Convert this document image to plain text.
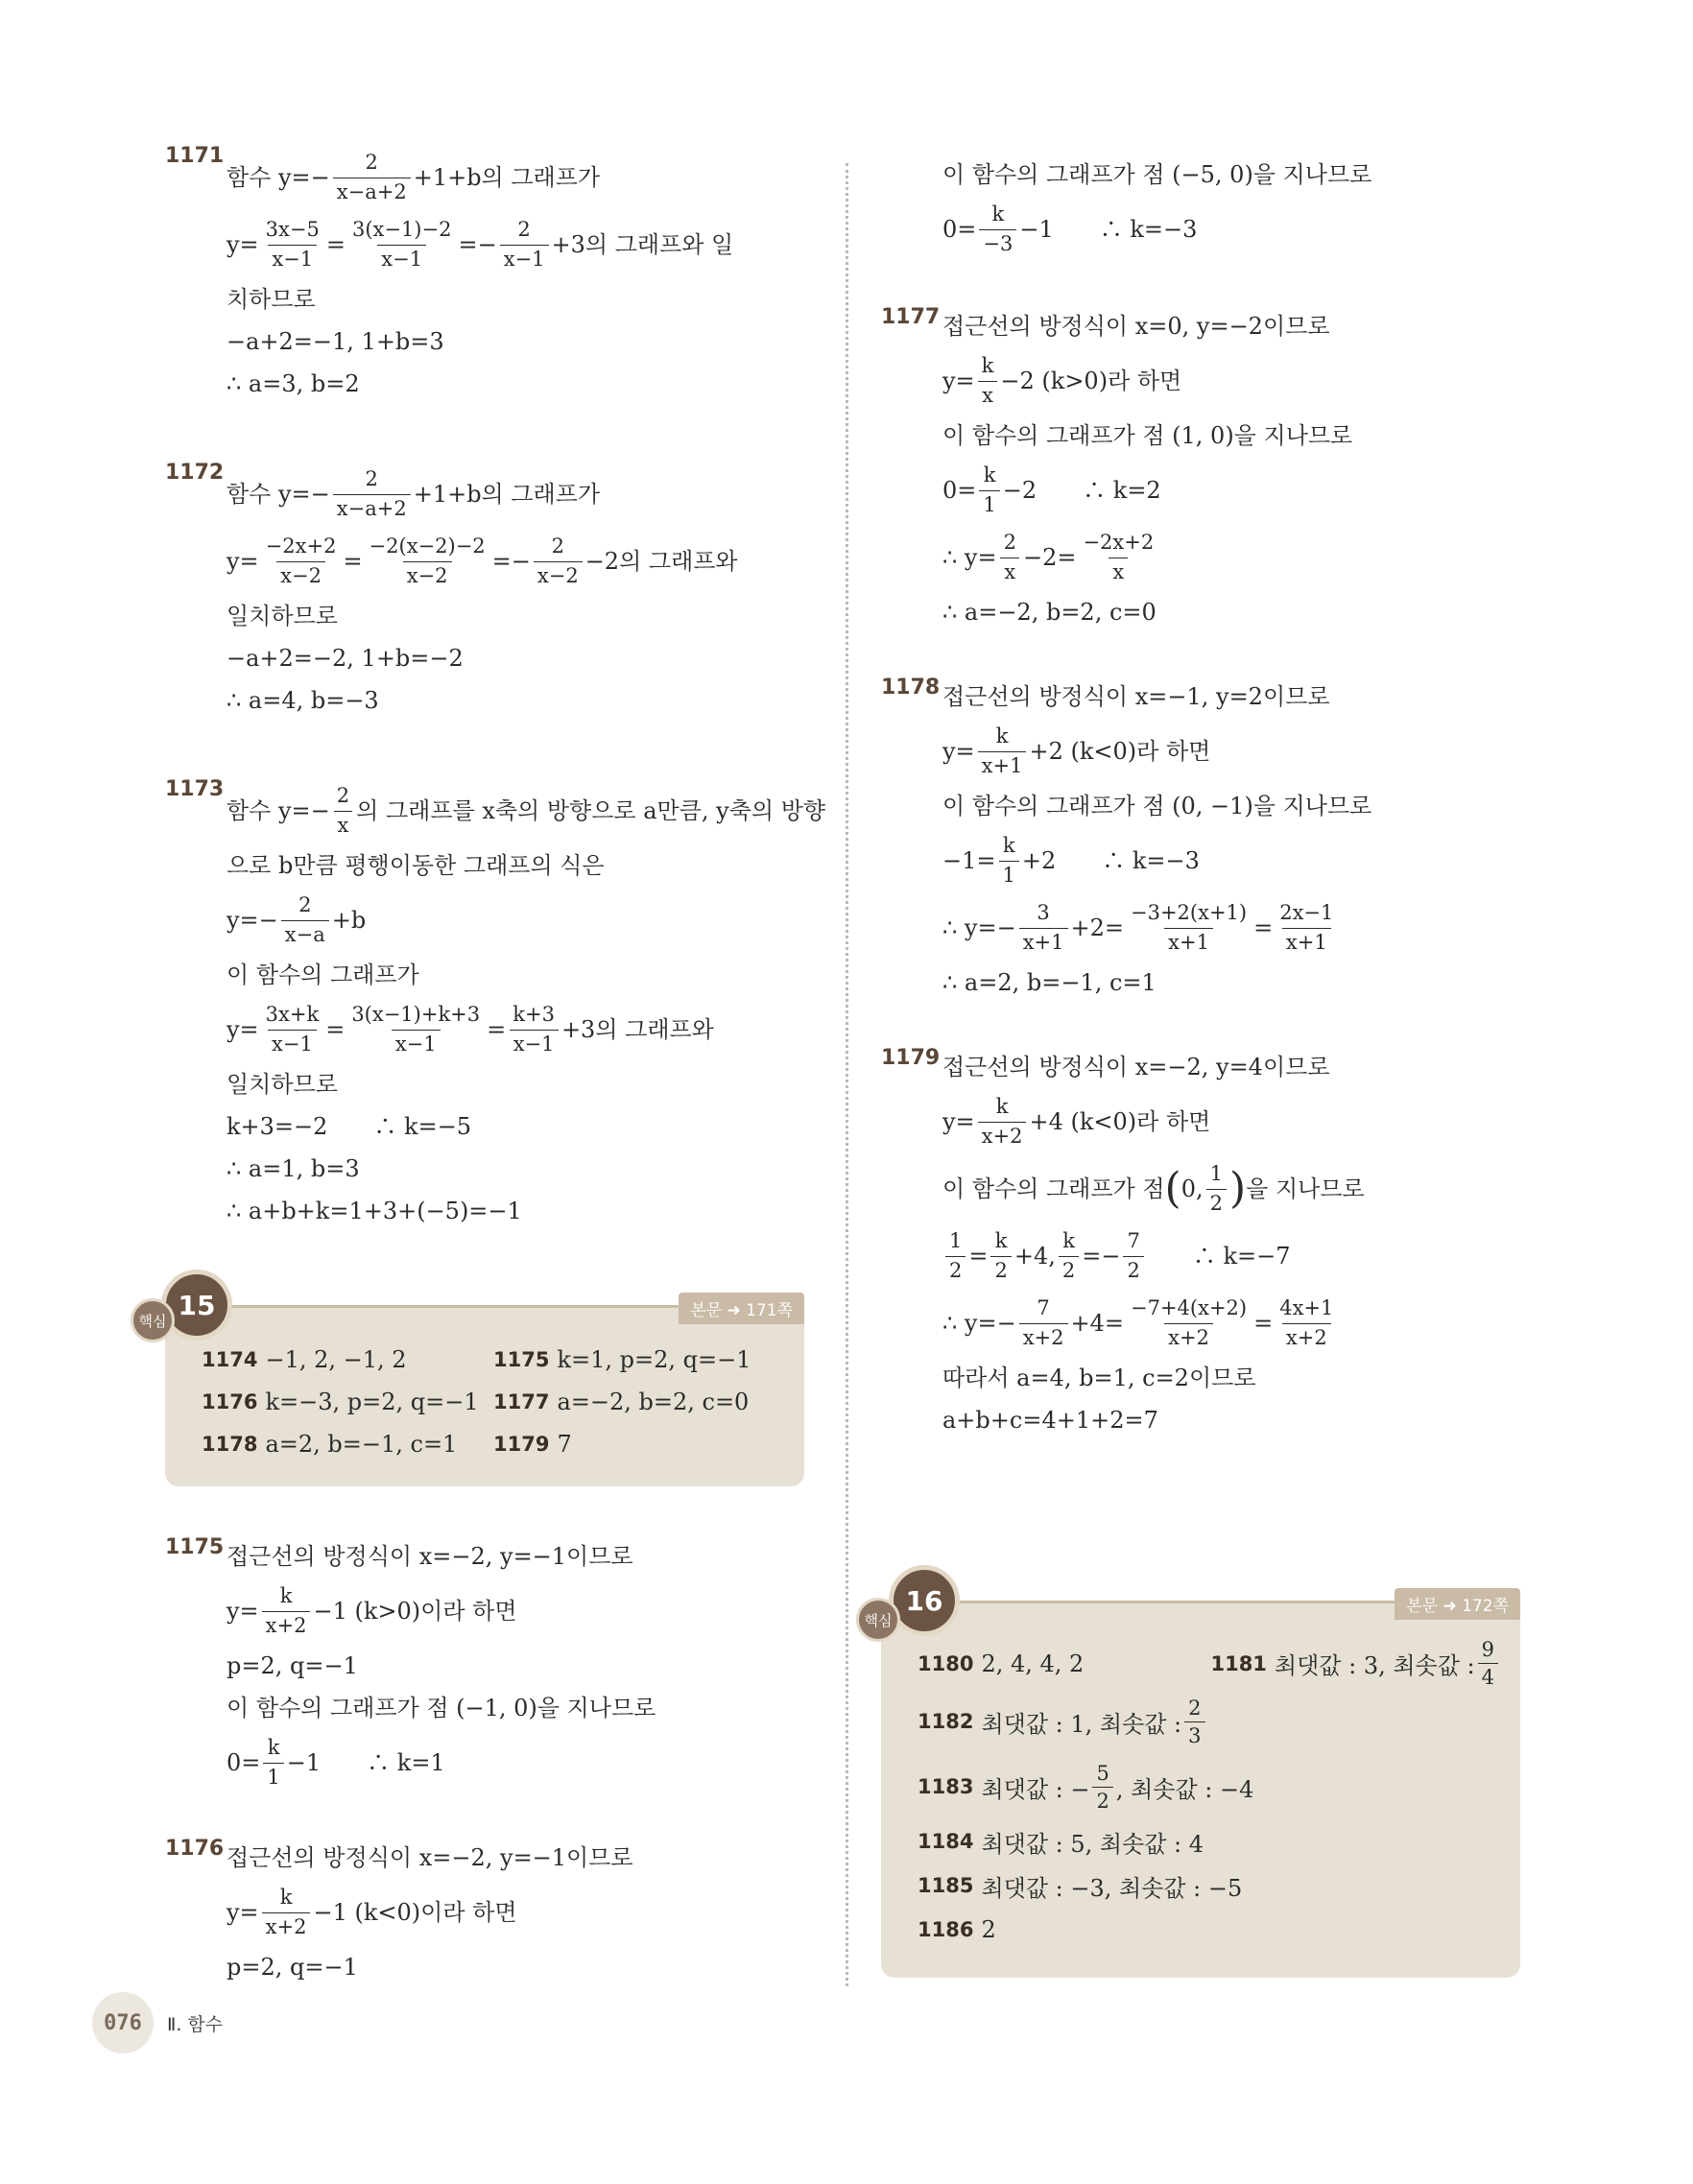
1171
함수 $y=- \frac{2}{x-a+2} +1+b$의 그래프가
$y= \frac{3x-5}{x-1} = \frac{3(x-1)-2}{x-1} =- \frac{2}{x-1} +3$의 그래프와 일
치하므로
−a+2=−1, 1+b=3
∴ a=3, b=2
1172
함수 $y=- \frac{2}{x-a+2} +1+b$의 그래프가
$y= \frac{-2x+2}{x-2} = \frac{-2(x-2)-2}{x-2} =- \frac{2}{x-2} -2$의 그래프와
일치하므로
−a+2=−2, 1+b=−2
∴ a=4, b=−3
1173
함수 $y=- \frac{2}{x}$ 의 그래프를 x축의 방향으로 a만큼, y축의 방향
으로 b만큼 평행이동한 그래프의 식은
$y=- \frac{2}{x-a} +b$
이 함수의 그래프가
$y= \frac{3x+k}{x-1} = \frac{3(x-1)+k+3}{x-1} = \frac{k+3}{x-1} +3$의 그래프와
일치하므로
k+3=−2　　∴ k=−5
∴ a=1, b=3
∴ a+b+k=1+3+(−5)=−1
15
핵심
본문 ➜ 171쪽
1174 −1, 2, −1, 2	1175 k=1, p=2, q=−1
1176 k=−3, p=2, q=−1 1177 a=−2, b=2, c=0
1178 a=2, b=−1, c=1 1179 7
1175 접근선의 방정식이 x=−2, y=−1이므로
$y= \frac{k}{x+2} -1$ (k>0)이라 하면
p=2, q=−1
이 함수의 그래프가 점 (−1, 0)을 지나므로
$0= \frac{k}{1} -1$　　∴ k=1
1176 접근선의 방정식이 x=−2, y=−1이므로
$y= \frac{k}{x+2} -1$ (k<0)이라 하면
p=2, q=−1
이 함수의 그래프가 점 (−5, 0)을 지나므로
$0= \frac{k}{-3} -1$　　∴ k=−3
1177 접근선의 방정식이 x=0, y=−2이므로
$y= \frac{k}{x} -2$ (k>0)라 하면
이 함수의 그래프가 점 (1, 0)을 지나므로
$0= \frac{k}{1} -2$　　∴ k=2
∴ $y= \frac{2}{x} -2= \frac{-2x+2}{x}$
∴ a=−2, b=2, c=0
1178 접근선의 방정식이 x=−1, y=2이므로
$y= \frac{k}{x+1} +2$ (k<0)라 하면
이 함수의 그래프가 점 (0, −1)을 지나므로
$-1= \frac{k}{1} +2$　　∴ k=−3
∴ $y=- \frac{3}{x+1} +2= \frac{-3+2(x+1)}{x+1} = \frac{2x-1}{x+1}$
∴ a=2, b=−1, c=1
1179 접근선의 방정식이 x=−2, y=4이므로
$y= \frac{k}{x+2} +4$ (k<0)라 하면
이 함수의 그래프가 점 ( 0, $\frac{1}{2}$ ) 을 지나므로
$\frac{1}{2} = \frac{k}{2} +4$, $\frac{k}{2} =- \frac{7}{2}$ 　　∴ k=−7
∴ $y=- \frac{7}{x+2} +4= \frac{-7+4(x+2)}{x+2} = \frac{4x+1}{x+2}$
따라서 a=4, b=1, c=2이므로
a+b+c=4+1+2=7
16
핵심
본문 ➜ 172쪽
1180 2, 4, 4, 2	1181 최댓값 : 3, 최솟값 : $\frac{9}{4}$
1182 최댓값 : 1, 최솟값 : $\frac{2}{3}$
1183 최댓값 : − $\frac{5}{2}$ , 최솟값 : −4
1184 최댓값 : 5, 최솟값 : 4
1185 최댓값 : −3, 최솟값 : −5
1186 2
076	Ⅱ. 함수
